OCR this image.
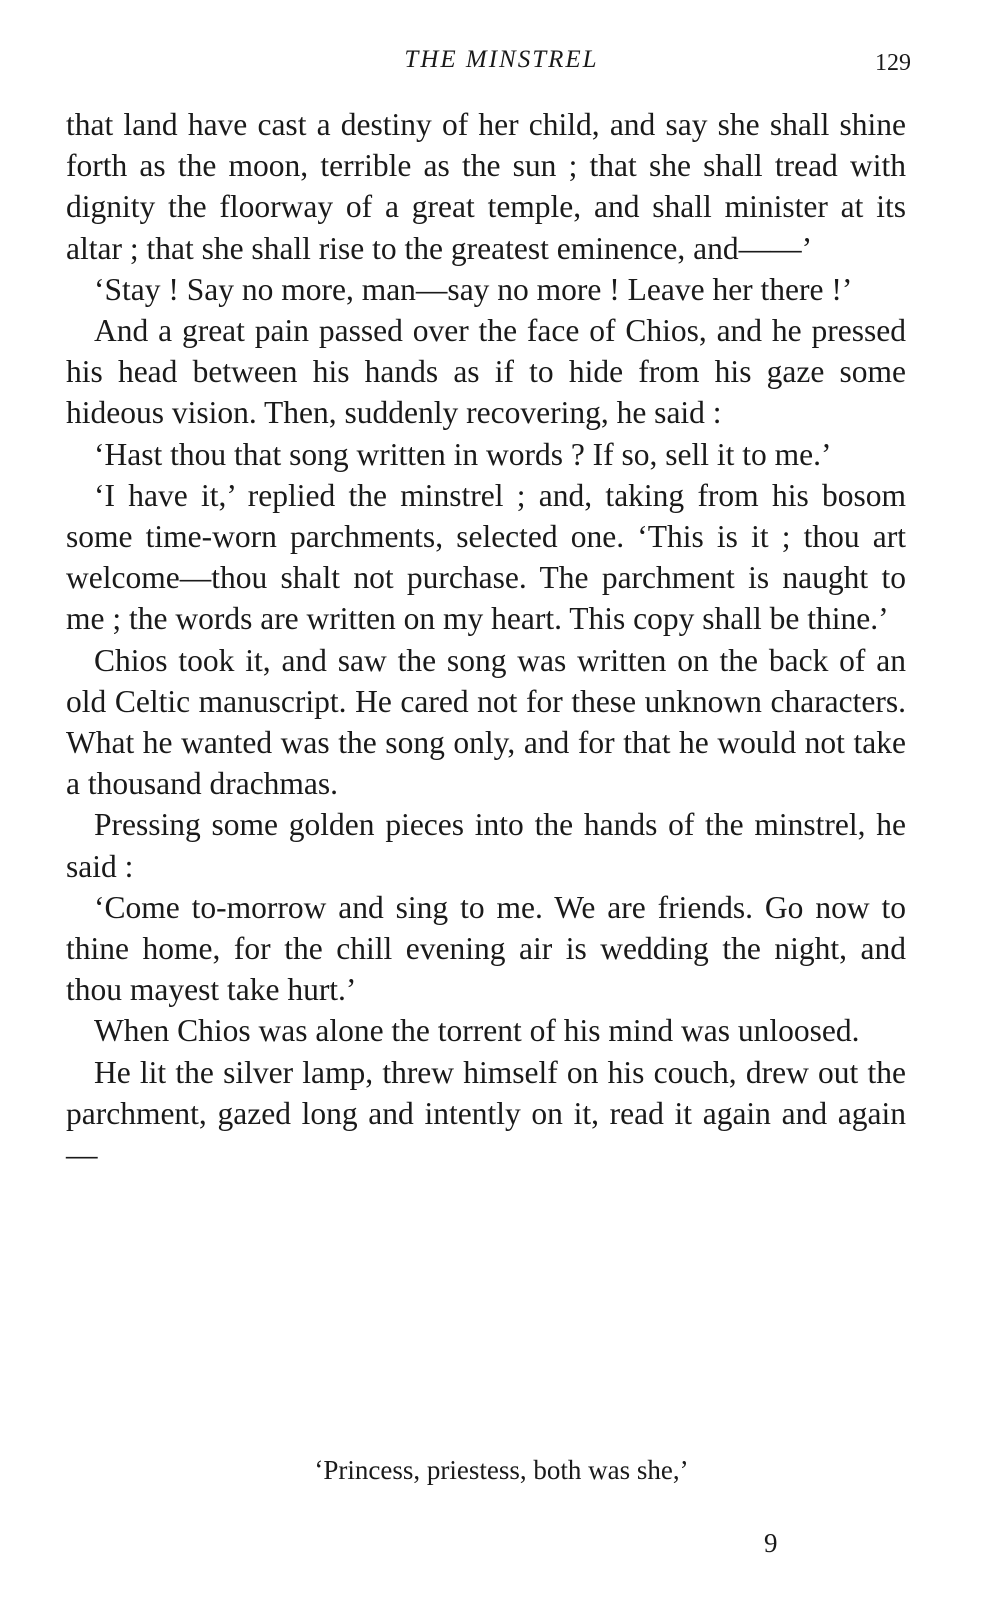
THE MINSTREL	129

that land have cast a destiny of her child, and say she shall shine forth as the moon, terrible as the sun ; that she shall tread with dignity the floorway of a great temple, and shall minister at its altar ; that she shall rise to the greatest eminence, and——’

‘Stay ! Say no more, man—say no more ! Leave her there !’

And a great pain passed over the face of Chios, and he pressed his head between his hands as if to hide from his gaze some hideous vision. Then, suddenly recovering, he said :

‘Hast thou that song written in words ? If so, sell it to me.’

‘I have it,’ replied the minstrel ; and, taking from his bosom some time-worn parchments, selected one. ‘This is it ; thou art welcome—thou shalt not purchase. The parchment is naught to me ; the words are written on my heart. This copy shall be thine.’

Chios took it, and saw the song was written on the back of an old Celtic manuscript. He cared not for these unknown characters. What he wanted was the song only, and for that he would not take a thousand drachmas.

Pressing some golden pieces into the hands of the minstrel, he said :

‘Come to-morrow and sing to me. We are friends. Go now to thine home, for the chill evening air is wedding the night, and thou mayest take hurt.’

When Chios was alone the torrent of his mind was unloosed.

He lit the silver lamp, threw himself on his couch, drew out the parchment, gazed long and intently on it, read it again and again—

‘Princess, priestess, both was she,’
9
